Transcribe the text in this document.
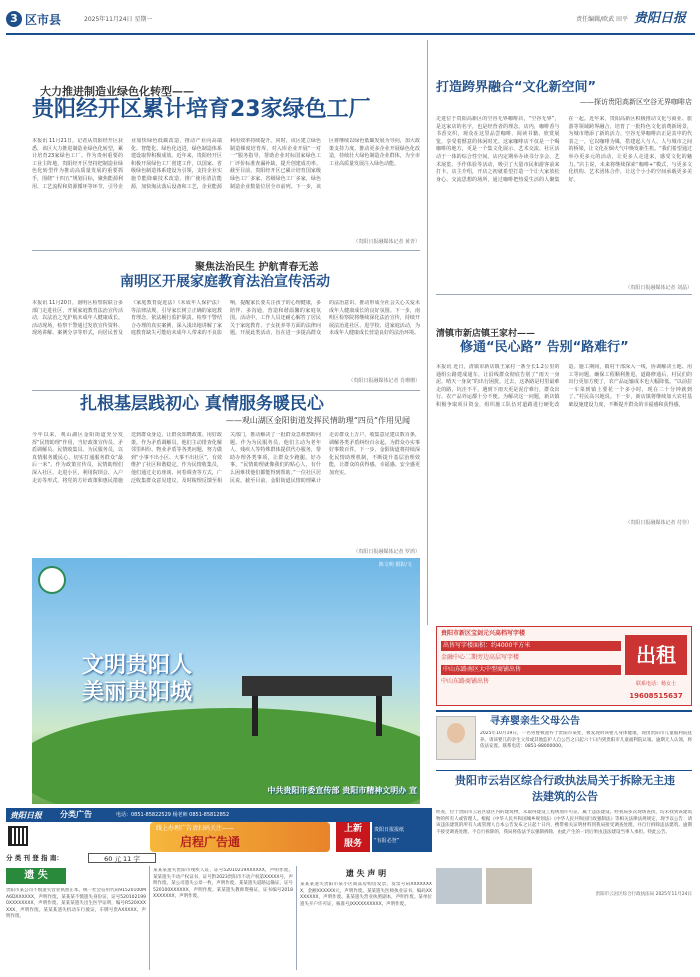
3 区市县	2025年11月24日 星期一	责任编辑/欧武 田平 贵阳日报
大力推进制造业绿色化转型——
贵阳经开区累计培育23家绿色工厂
本报讯 11月21日，记者从贵阳经开区获悉，该区大力推进制造业绿色化转型，累计培育23家绿色工厂。作为贵州重要的工业主阵地，贵阳经开区坚持把制造业绿色化转型作为推动高质量发展的重要抓手，围绕“十四五”规划目标，聚焦能源利用、工艺流程和资源循环等环节，引导企业加快绿色低碳改造，推动产业向高端化、智能化、绿色化迈进，绿色制造体系建设取得积极成效。近年来，贵阳经开区积极开展绿色工厂创建工作，以国家、省级绿色制造体系建设为引领，支持企业实施节能降碳技术改造，推广使用清洁能源，加快淘汰落后设备和工艺，企业能源利用效率持续提升。同时，该区建立绿色制造梯度培育库，对入库企业开展“一对一”服务指导，帮助企业对标国家绿色工厂评价标准查漏补缺，提升创建成功率。截至目前，贵阳经开区已累计培育国家级绿色工厂多家、省级绿色工厂多家，绿色制造企业数量位居全市前列。下一步，该区将继续以绿色低碳发展为导向，加大政策支持力度，推动更多企业开展绿色化改造，持续壮大绿色制造企业群体，为全市工业高质量发展注入绿色动能。
（贵阳日报融媒体记者 黄青）
打造跨界融合“文化新空间”
——探访贵阳高新区空谷无界咖啡店
走进位于贵阳高新区的空谷无界咖啡店，“空谷无界”，是这家店的名字，也是经营者的理念。店内，咖啡香与书香交织，观众在这里品尝咖啡、阅读书籍、欣赏展览，享受着惬意的休闲时光。这家咖啡店不仅是一个喝咖啡的地方，更是一个集文化展示、艺术交流、社区活动于一体的综合性空间。店内定期举办读书分享会、艺术展览、手作体验等活动，吸引了大量市民和游客前来打卡。店主介绍，开店之初就希望打造一个让大家放松身心、交流思想的场所，通过咖啡把热爱生活的人聚集在一起。近年来，贵阳高新区积极推动文化与商业、旅游等领域跨界融合，培育了一批特色文化消费新场景，为城市增添了新的活力。空谷无界咖啡店正是其中的代表之一，它以咖啡为媒，搭建起人与人、人与城市之间的桥梁，让文化在烟火气中焕发新生机。“我们希望通过举办更多元的活动，让更多人走进来，感受文化的魅力。”店主说，未来将继续探索“咖啡+”模式，与更多文化机构、艺术团体合作，让这个小小的空间承载更多美好。
（贵阳日报融媒体记者 刘晶）
聚焦法治民生 护航青春无恙
南明区开展家庭教育法治宣传活动
本报讯 11月20日，南明区检察院联合多部门走进社区，开展家庭教育法治宣传活动，以法治之光护航未成年人健康成长。活动现场，检察干警通过发放宣传资料、现场讲解、案例分享等形式，向居民普及《家庭教育促进法》《未成年人保护法》等法律法规，引导家长树立正确的家庭教育理念，依法履行监护职责。检察干警结合办理的真实案例，深入浅出地讲解了家庭教育缺失可能给未成年人带来的不良影响，提醒家长要关注孩子的心理健康，多陪伴、多沟通，营造和谐温馨的家庭氛围。活动中，工作人员还耐心解答了居民关于家庭教育、子女抚养等方面的法律问题。开展此类活动，旨在进一步提高群众的法治意识，推动形成全社会关心关爱未成年人健康成长的良好氛围。下一步，南明区检察院将继续深化法治宣传，持续开展法治进社区、进学校、进家庭活动，为未成年人健康成长营造良好的法治环境。
（贵阳日报融媒体记者 肖珊珊）
清镇市新店镇王家村——
修通“民心路” 告别“路难行”
本报讯 近日，清镇市新店镇王家村一条全长1.2公里的通组公路建成通车，让沿线群众彻底告别了“雨天一身泥、晴天一身灰”的出行困扰。过去，这条路是村里最难走的路，坑洼不平，遇到下雨天更是泥泞难行，群众出行、农产品外运都十分不便。为解决这一问题，新店镇积极争取项目资金，组织施工队伍对道路进行硬化改造。施工期间，镇村干部深入一线，协调解决土地、用工等问题，确保工程顺利推进。道路修通后，村民们的出行更加方便了，农产品运输成本也大幅降低。“以前拉一车菜到镇上要花一个多小时，现在二十分钟就到了。”村民高兴地说。下一步，新店镇将继续加大农村基础设施建设力度，不断提升群众的幸福感和获得感。
（贵阳日报融媒体记者 付佳）
扎根基层践初心 真情服务暖民心
——观山湖区金阳街道发挥民情助理“四员”作用见闻
今年以来，观山湖区金阳街道充分发挥“民情助理”作用，当好政策宣传员、矛盾调解员、民情收集员、为民服务员，以真情服务暖民心，切实打通服务群众“最后一米”。作为政策宣传员，民情助理们深入社区、走进小区，利用院坝会、入户走访等形式，将党的方针政策和惠民措施送到群众身边，让群众知晓政策、用好政策。作为矛盾调解员，他们主动排查化解邻里纠纷、物业矛盾等各类问题，努力做到“小事不出小区、大事不出社区”，有效维护了社区和谐稳定。作为民情收集员，他们通过走访座谈、问卷调查等方式，广泛收集群众意见建议，及时梳理反馈至相关部门，推动解决了一批群众急难愁盼问题。作为为民服务员，他们主动为老年人、残疾人等特殊群体提供代办服务，帮助办理各类事项，让群众少跑腿、好办事。“民情助理就像我们的贴心人，有什么困难找他们都能得到帮助。”一位社区居民说。截至目前，金阳街道民情助理累计走访群众上万户，收集意见建议数百条，调解各类矛盾纠纷百余起，为群众办实事好事数百件。下一步，金阳街道将持续深化民情助理机制，不断提升基层治理效能，让群众的获得感、幸福感、安全感更加充实。
（贵阳日报融媒体记者 罗鸿）
陈文明 摄影/文
文明贵阳人
美丽贵阳城
中共贵阳市委宣传部 贵阳市精神文明办 宣
贵阳市新区宝剑元兴高档写字楼
出售写字楼面积：约4000平方米
金融中心二期旁边高层写字楼
中山东路南区大中型商铺出售
中山东路商铺出售
出租
联系电话：杨女士
19608515637
寻弃婴亲生父母公告
2025年10月19日，一名男婴被遗弃于贵阳市某处，被发现时该婴儿身体健康，现由贵阳市儿童福利院抚养。请该婴儿的亲生父母或其他监护人自公告之日起六十日内到贵阳市儿童福利院认领。逾期无人认领，将依法安置。联系电话：0851-88000000。
贵阳市云岩区综合行政执法局关于拆除无主违法建筑的公告
经查，位于贵阳市云岩区辖区内的建筑物，未取得建设工程规划许可证，属于违法建设。经我局多次现场查找，均未找到该建筑物的所有人或管理人。根据《中华人民共和国城乡规划法》《中华人民共和国行政强制法》等相关法律法规规定，现予以公告：请该违法建筑的所有人或管理人自本公告发布之日起十日内，携带相关证明材料到我局接受调查处理，并自行拆除违法建筑。逾期不接受调查处理、不自行拆除的，我局将依法予以强制拆除，由此产生的一切后果由违法建设当事人承担。特此公告。
贵阳市云岩区综合行政执法局 2025年11月24日
贵阳日报	分类广告	电话：0851-85822529 杨老师 0851-85812852
线上办理广告请扫码关注——
启程广告通
上新
服务
贵阳日报报纸
“有报必登”
分 类 刊 登 指 南：	60 元 11 字
遗 失
贵阳市某公司不慎遗失营业执照正本，统一社会信用代码91520100MA6DXXXXXX，声明作废。某某某不慎遗失身份证，证号5201021990XXXXXXXX，声明作废。某某某遗失出生医学证明，编号R520XXXXXX，声明作废。某某某遗失机动车行驶证，车牌号贵AXXXXX，声明作废。
某某某遗失贵阳市残疾人证，证号52010219XXXXXX，声明作废。某某遗失不动产权证书，证号黔2023贵阳市不动产权第XXXXX号，声明作废。某公司遗失公章一枚，声明作废。某某遗失道路运输证，证号520100XXXXXX，声明作废。某某遗失教师资格证，证书编号2018XXXXXXX，声明作废。
遗 失 声 明
某某某遗失贵阳市某小区商品房购房发票，发票号码XXXXXXXX，金额XXXXXX元，声明作废。某某遗失医师执业证书，编码XXXXXXXX，声明作废。某某遗失营业执照副本，声明作废。某单位遗失开户许可证，核准号JXXXXXXXXXX，声明作废。
